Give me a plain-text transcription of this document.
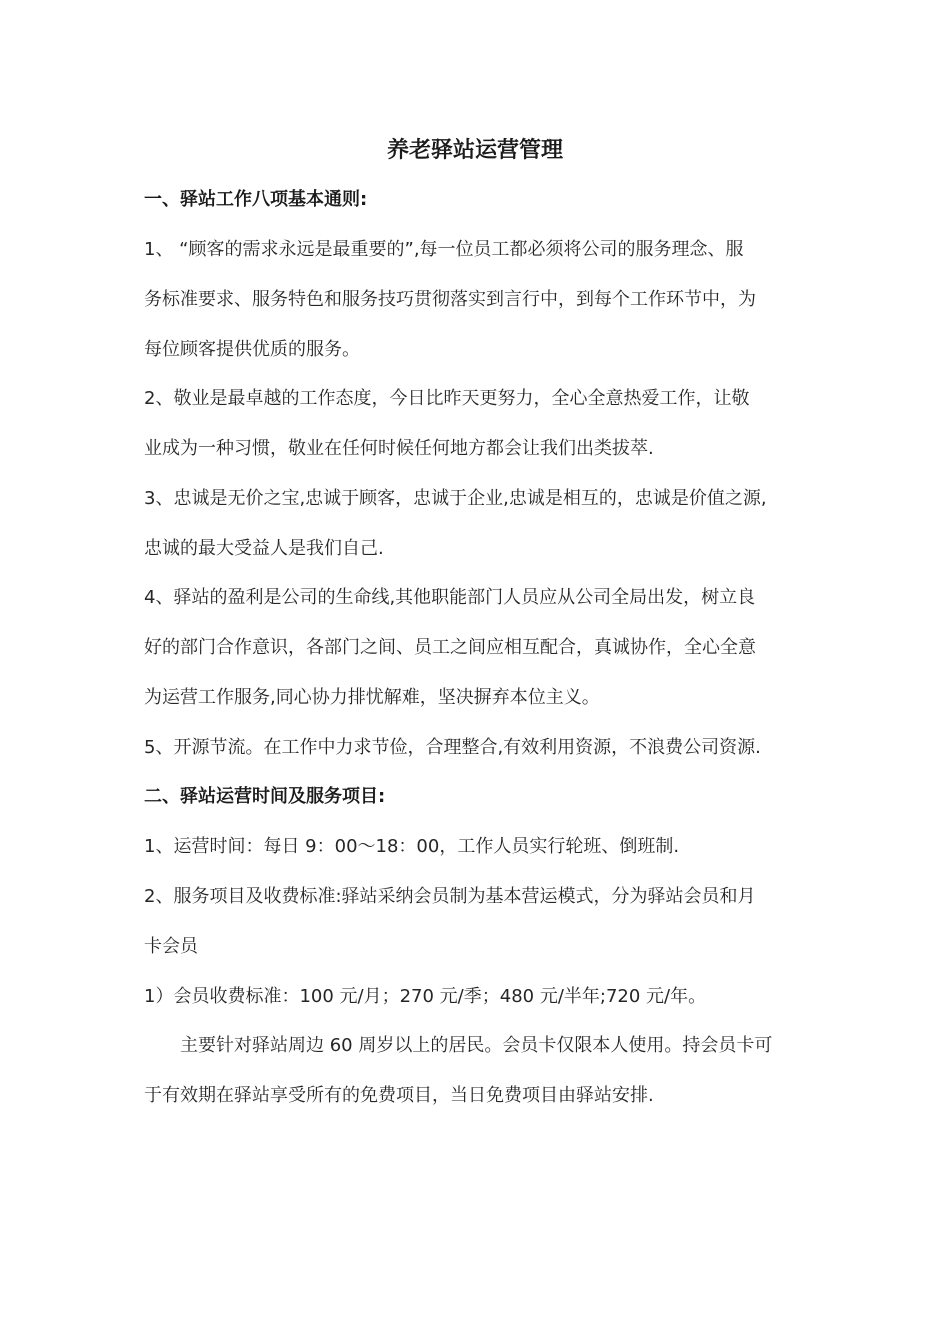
养老驿站运营管理
一、驿站工作八项基本通则:
1、 “顾客的需求永远是最重要的”,每一位员工都必须将公司的服务理念、服
务标准要求、服务特色和服务技巧贯彻落实到言行中，到每个工作环节中，为
每位顾客提供优质的服务。
2、敬业是最卓越的工作态度，今日比昨天更努力，全心全意热爱工作，让敬
业成为一种习惯，敬业在任何时候任何地方都会让我们出类拔萃.
3、忠诚是无价之宝,忠诚于顾客，忠诚于企业,忠诚是相互的，忠诚是价值之源,
忠诚的最大受益人是我们自己.
4、驿站的盈利是公司的生命线,其他职能部门人员应从公司全局出发，树立良
好的部门合作意识，各部门之间、员工之间应相互配合，真诚协作，全心全意
为运营工作服务,同心协力排忧解难，坚决摒弃本位主义。
5、开源节流。在工作中力求节俭，合理整合,有效利用资源，不浪费公司资源.
二、驿站运营时间及服务项目:
1、运营时间：每日 9：00～18：00，工作人员实行轮班、倒班制.
2、服务项目及收费标准:驿站采纳会员制为基本营运模式，分为驿站会员和月
卡会员
1）会员收费标准：100 元/月；270 元/季；480 元/半年;720 元/年。
主要针对驿站周边 60 周岁以上的居民。会员卡仅限本人使用。持会员卡可
于有效期在驿站享受所有的免费项目，当日免费项目由驿站安排.
